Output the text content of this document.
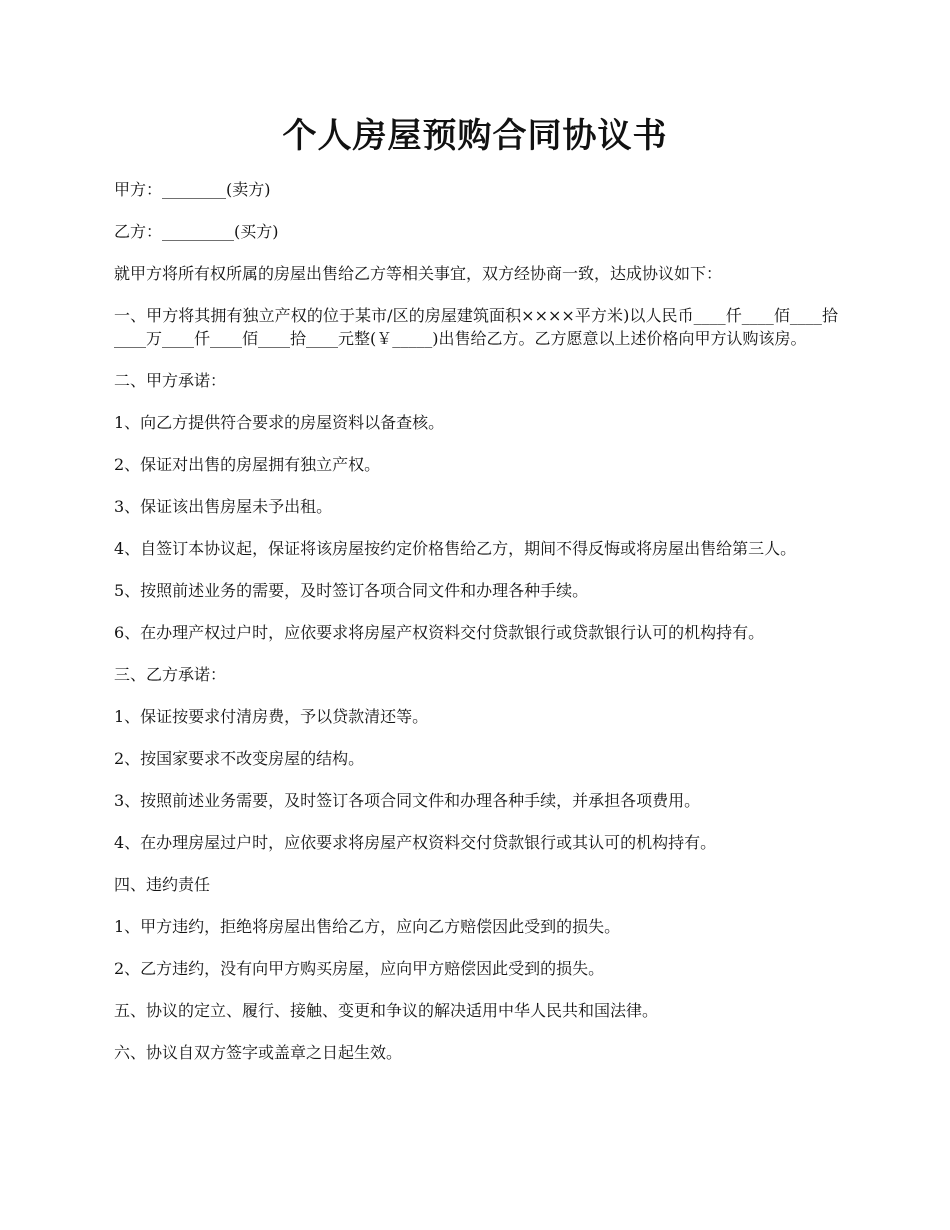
个人房屋预购合同协议书

甲方：________(卖方)

乙方：_________(买方)

就甲方将所有权所属的房屋出售给乙方等相关事宜，双方经协商一致，达成协议如下：

一、甲方将其拥有独立产权的位于某市/区的房屋建筑面积××××平方米)以人民币____仟____佰____拾____万____仟____佰____拾____元整(￥_____)出售给乙方。乙方愿意以上述价格向甲方认购该房。

二、甲方承诺：

1、向乙方提供符合要求的房屋资料以备查核。

2、保证对出售的房屋拥有独立产权。

3、保证该出售房屋未予出租。

4、自签订本协议起，保证将该房屋按约定价格售给乙方，期间不得反悔或将房屋出售给第三人。

5、按照前述业务的需要，及时签订各项合同文件和办理各种手续。

6、在办理产权过户时，应依要求将房屋产权资料交付贷款银行或贷款银行认可的机构持有。

三、乙方承诺：

1、保证按要求付清房费，予以贷款清还等。

2、按国家要求不改变房屋的结构。

3、按照前述业务需要，及时签订各项合同文件和办理各种手续，并承担各项费用。

4、在办理房屋过户时，应依要求将房屋产权资料交付贷款银行或其认可的机构持有。

四、违约责任

1、甲方违约，拒绝将房屋出售给乙方，应向乙方赔偿因此受到的损失。

2、乙方违约，没有向甲方购买房屋，应向甲方赔偿因此受到的损失。

五、协议的定立、履行、接触、变更和争议的解决适用中华人民共和国法律。

六、协议自双方签字或盖章之日起生效。
